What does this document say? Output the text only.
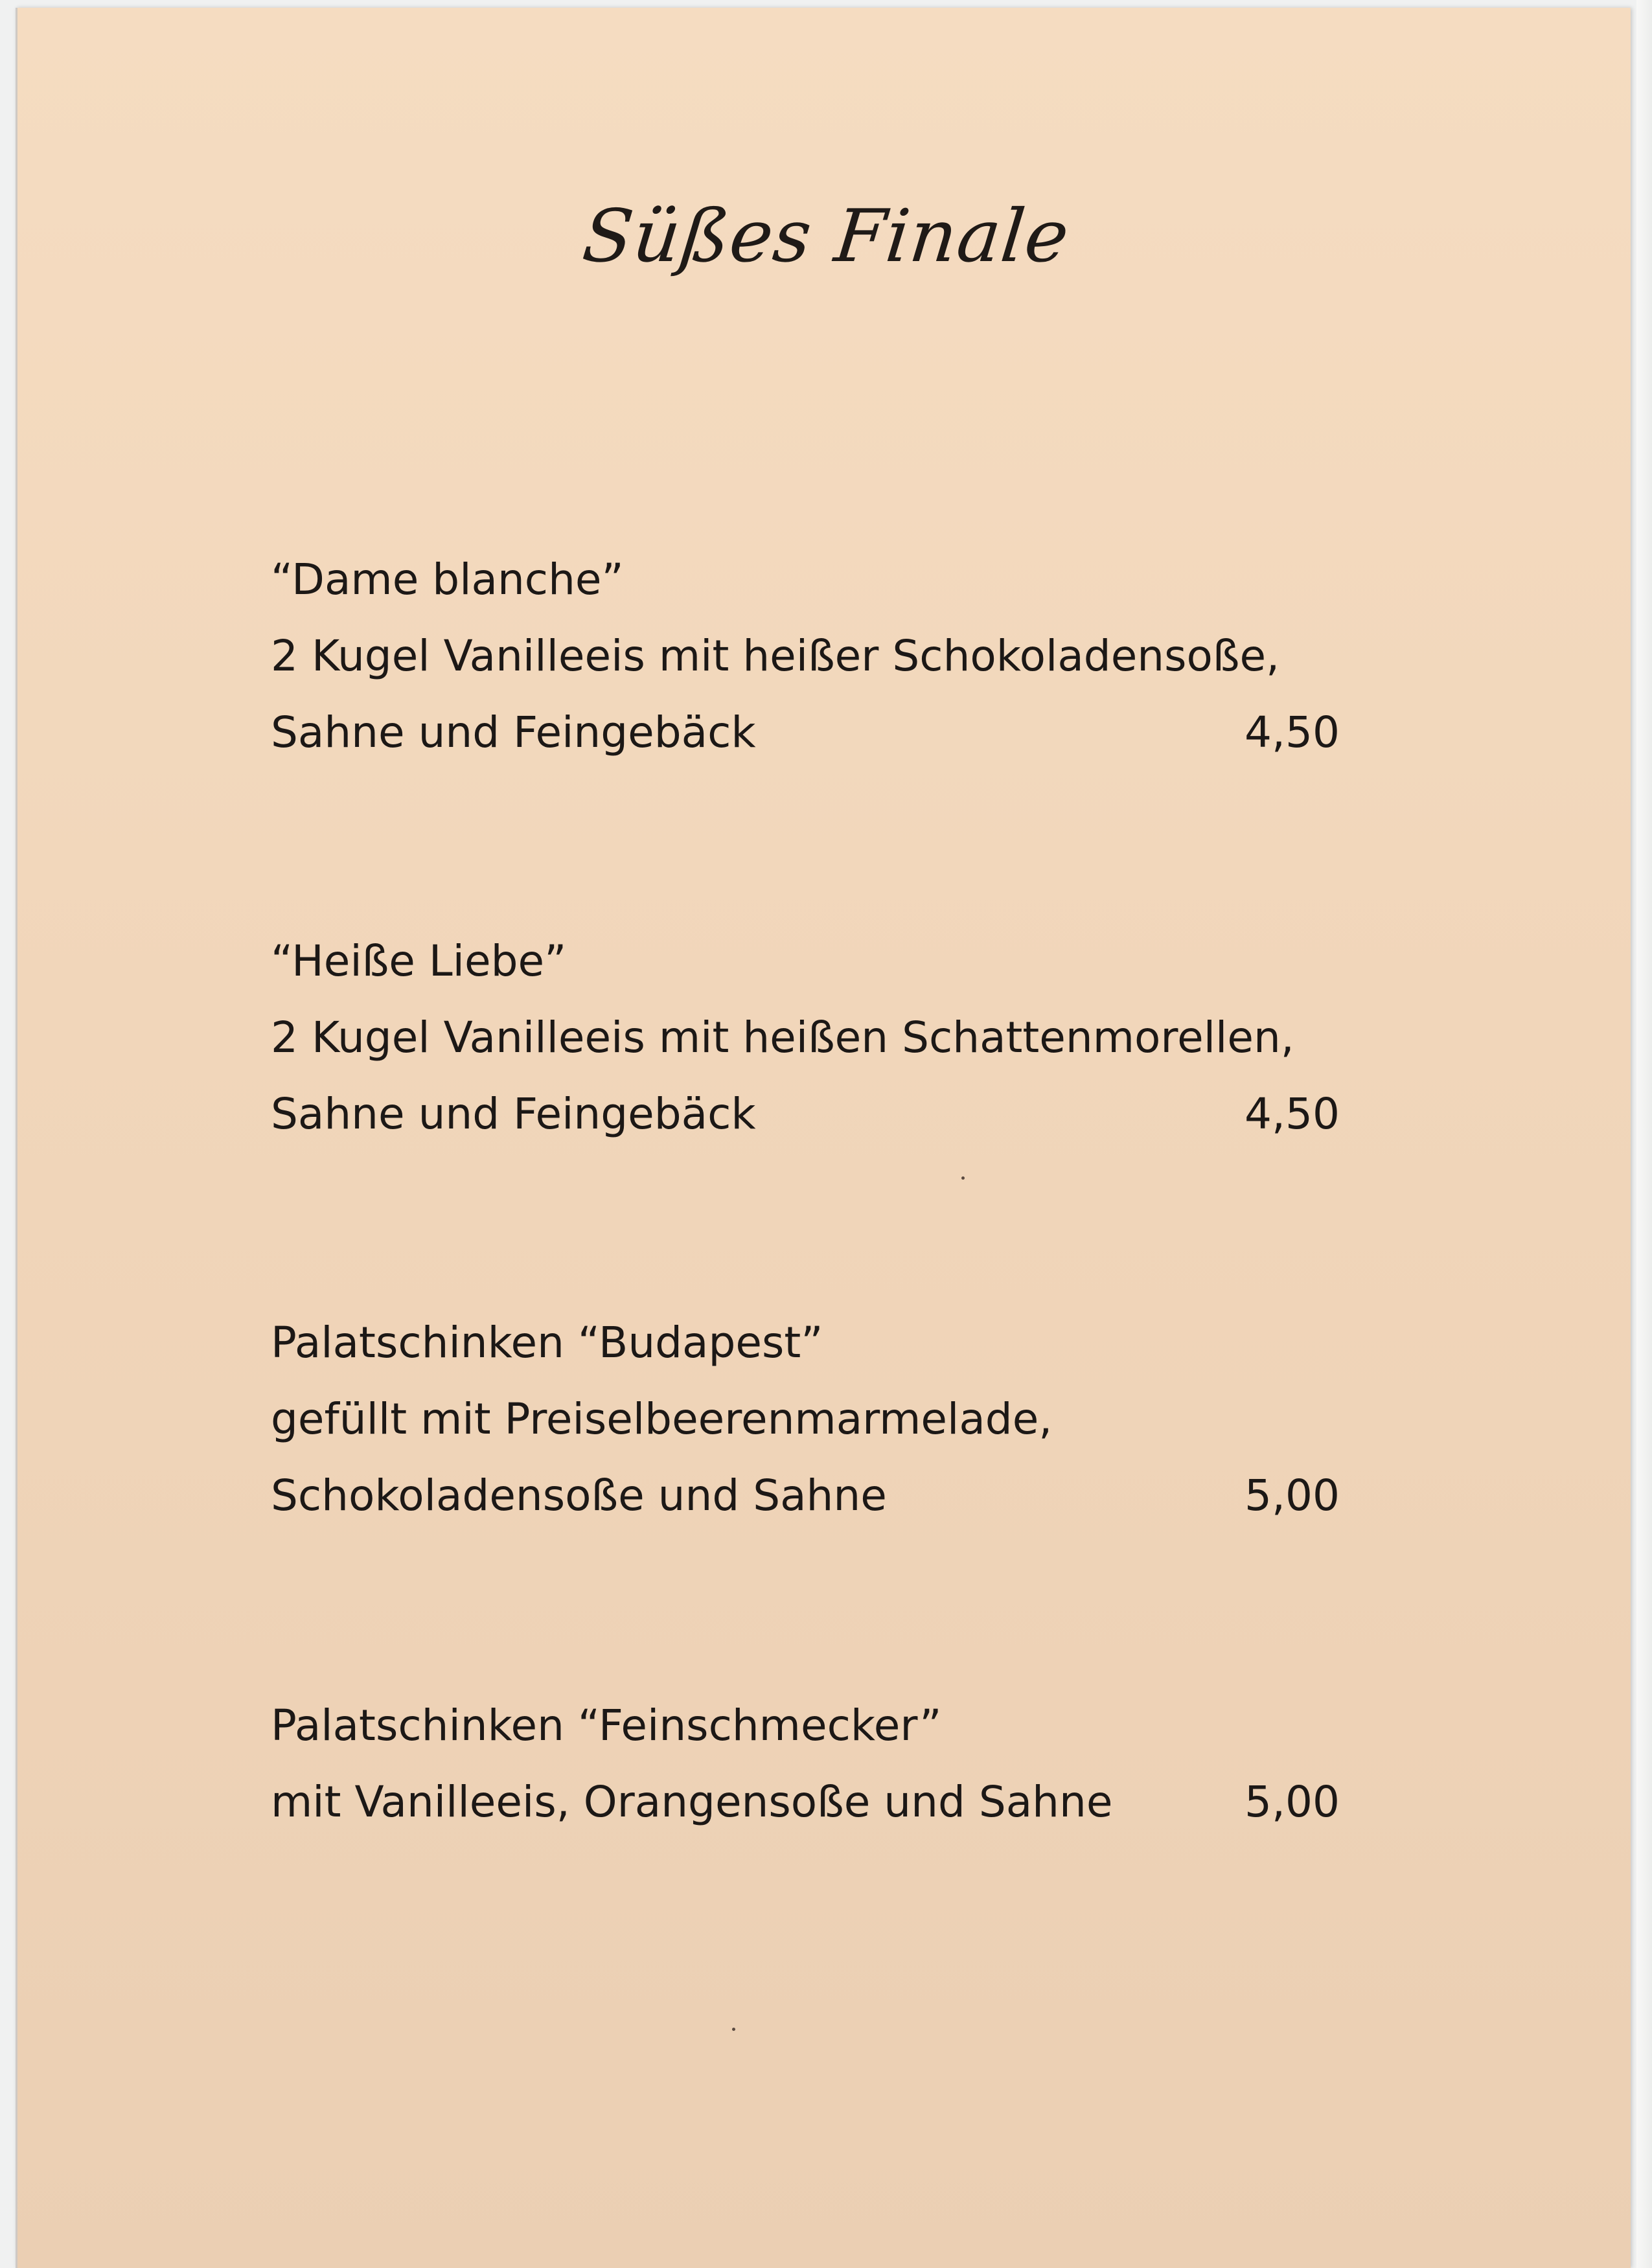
Süßes Finale
“Dame blanche”
2 Kugel Vanilleeis mit heißer Schokoladensoße,
Sahne und Feingebäck	4,50
“Heiße Liebe”
2 Kugel Vanilleeis mit heißen Schattenmorellen,
Sahne und Feingebäck	4,50
Palatschinken “Budapest”
gefüllt mit Preiselbeerenmarmelade,
Schokoladensoße und Sahne	5,00
Palatschinken “Feinschmecker”
mit Vanilleeis, Orangensoße und Sahne	5,00
